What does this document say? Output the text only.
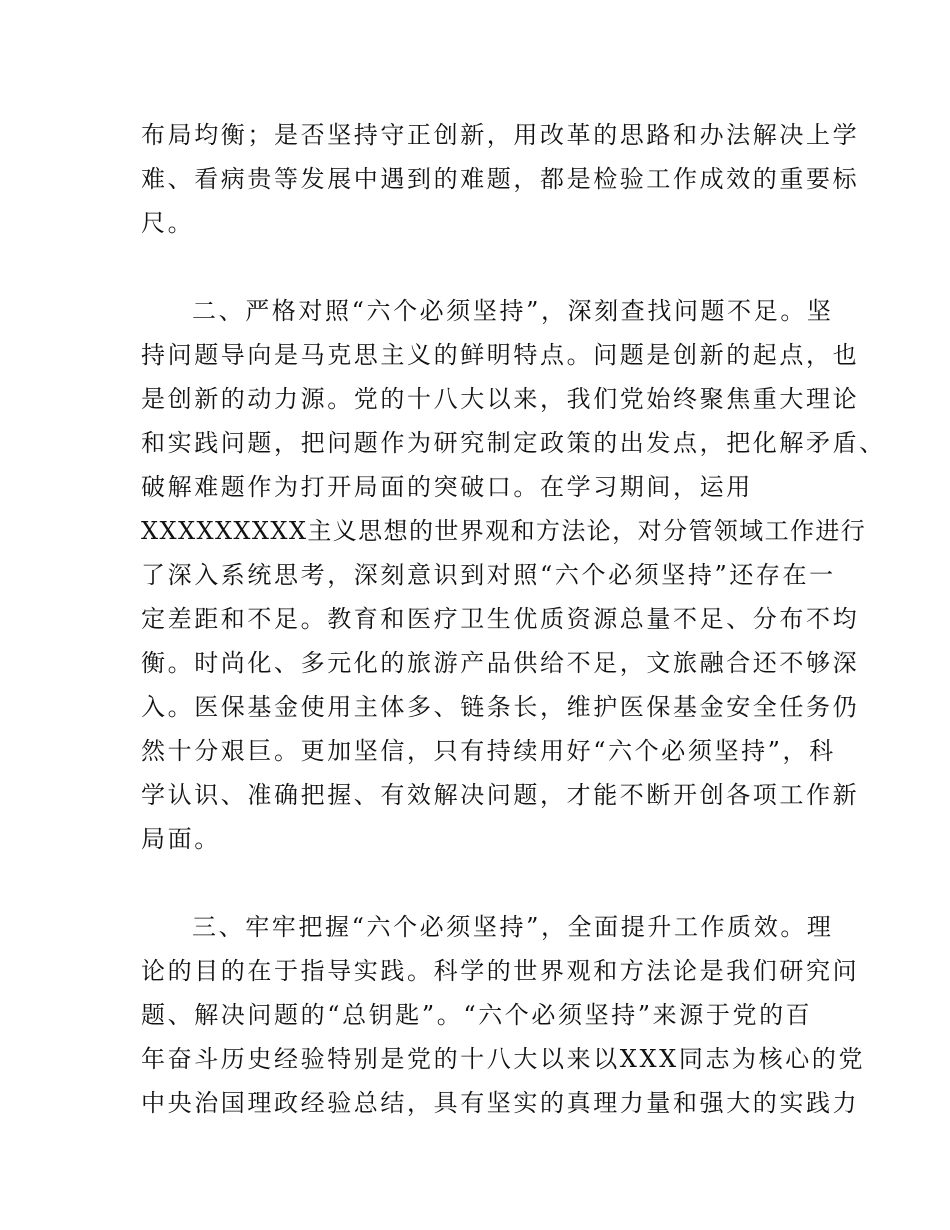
布局均衡；是否坚持守正创新，用改革的思路和办法解决上学
难、看病贵等发展中遇到的难题，都是检验工作成效的重要标
尺。
二、严格对照“六个必须坚持”，深刻查找问题不足。坚
持问题导向是马克思主义的鲜明特点。问题是创新的起点，也
是创新的动力源。党的十八大以来，我们党始终聚焦重大理论
和实践问题，把问题作为研究制定政策的出发点，把化解矛盾、
破解难题作为打开局面的突破口。在学习期间，运用
XXXXXXXXX主义思想的世界观和方法论，对分管领域工作进行
了深入系统思考，深刻意识到对照“六个必须坚持”还存在一
定差距和不足。教育和医疗卫生优质资源总量不足、分布不均
衡。时尚化、多元化的旅游产品供给不足，文旅融合还不够深
入。医保基金使用主体多、链条长，维护医保基金安全任务仍
然十分艰巨。更加坚信，只有持续用好“六个必须坚持”，科
学认识、准确把握、有效解决问题，才能不断开创各项工作新
局面。
三、牢牢把握“六个必须坚持”，全面提升工作质效。理
论的目的在于指导实践。科学的世界观和方法论是我们研究问
题、解决问题的“总钥匙”。“六个必须坚持”来源于党的百
年奋斗历史经验特别是党的十八大以来以XXX同志为核心的党
中央治国理政经验总结，具有坚实的真理力量和强大的实践力
